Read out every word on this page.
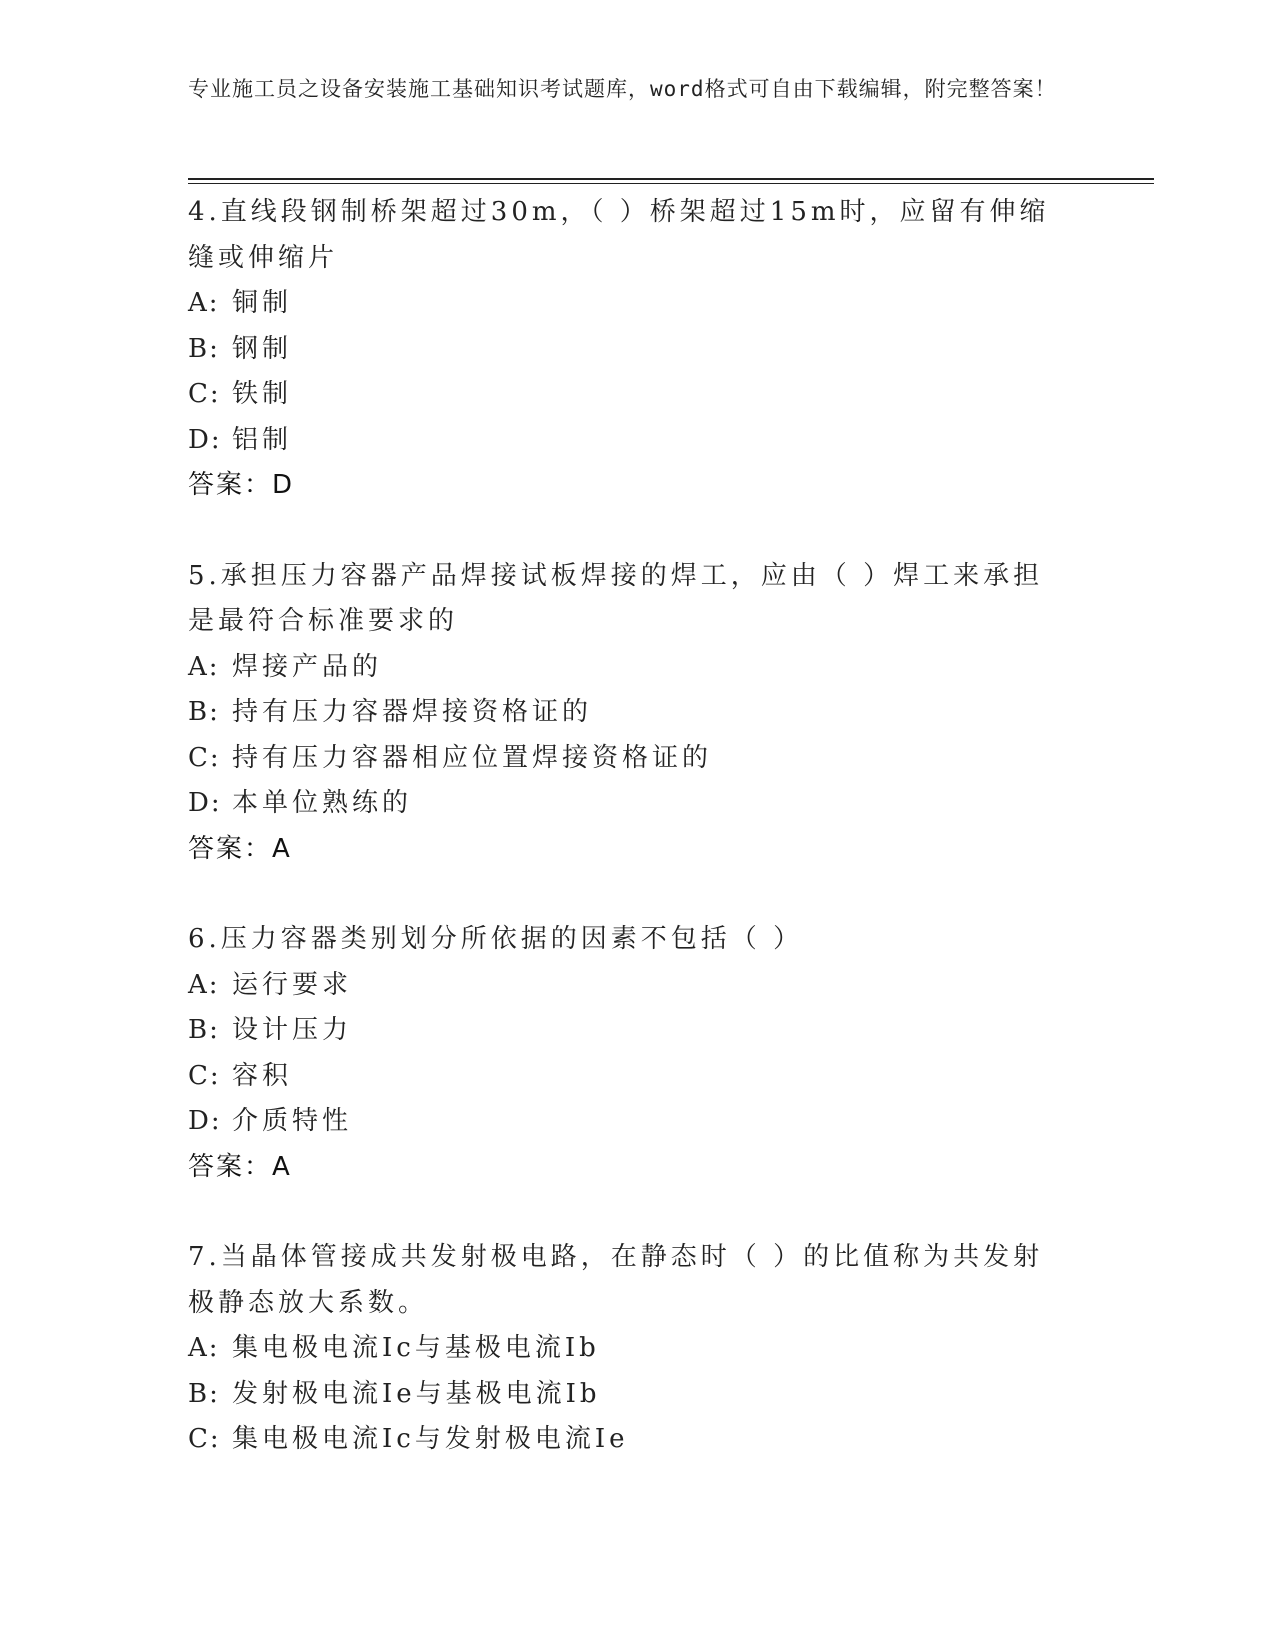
专业施工员之设备安装施工基础知识考试题库，word格式可自由下载编辑，附完整答案！
4.直线段钢制桥架超过30m，（ ）桥架超过15m时，应留有伸缩缝或伸缩片
A: 铜制
B: 钢制
C: 铁制
D: 铝制
答案：D
5.承担压力容器产品焊接试板焊接的焊工，应由（ ）焊工来承担是最符合标准要求的
A: 焊接产品的
B: 持有压力容器焊接资格证的
C: 持有压力容器相应位置焊接资格证的
D: 本单位熟练的
答案：A
6.压力容器类别划分所依据的因素不包括（ ）
A: 运行要求
B: 设计压力
C: 容积
D: 介质特性
答案：A
7.当晶体管接成共发射极电路，在静态时（ ）的比值称为共发射极静态放大系数。
A: 集电极电流Ic与基极电流Ib
B: 发射极电流Ie与基极电流Ib
C: 集电极电流Ic与发射极电流Ie
